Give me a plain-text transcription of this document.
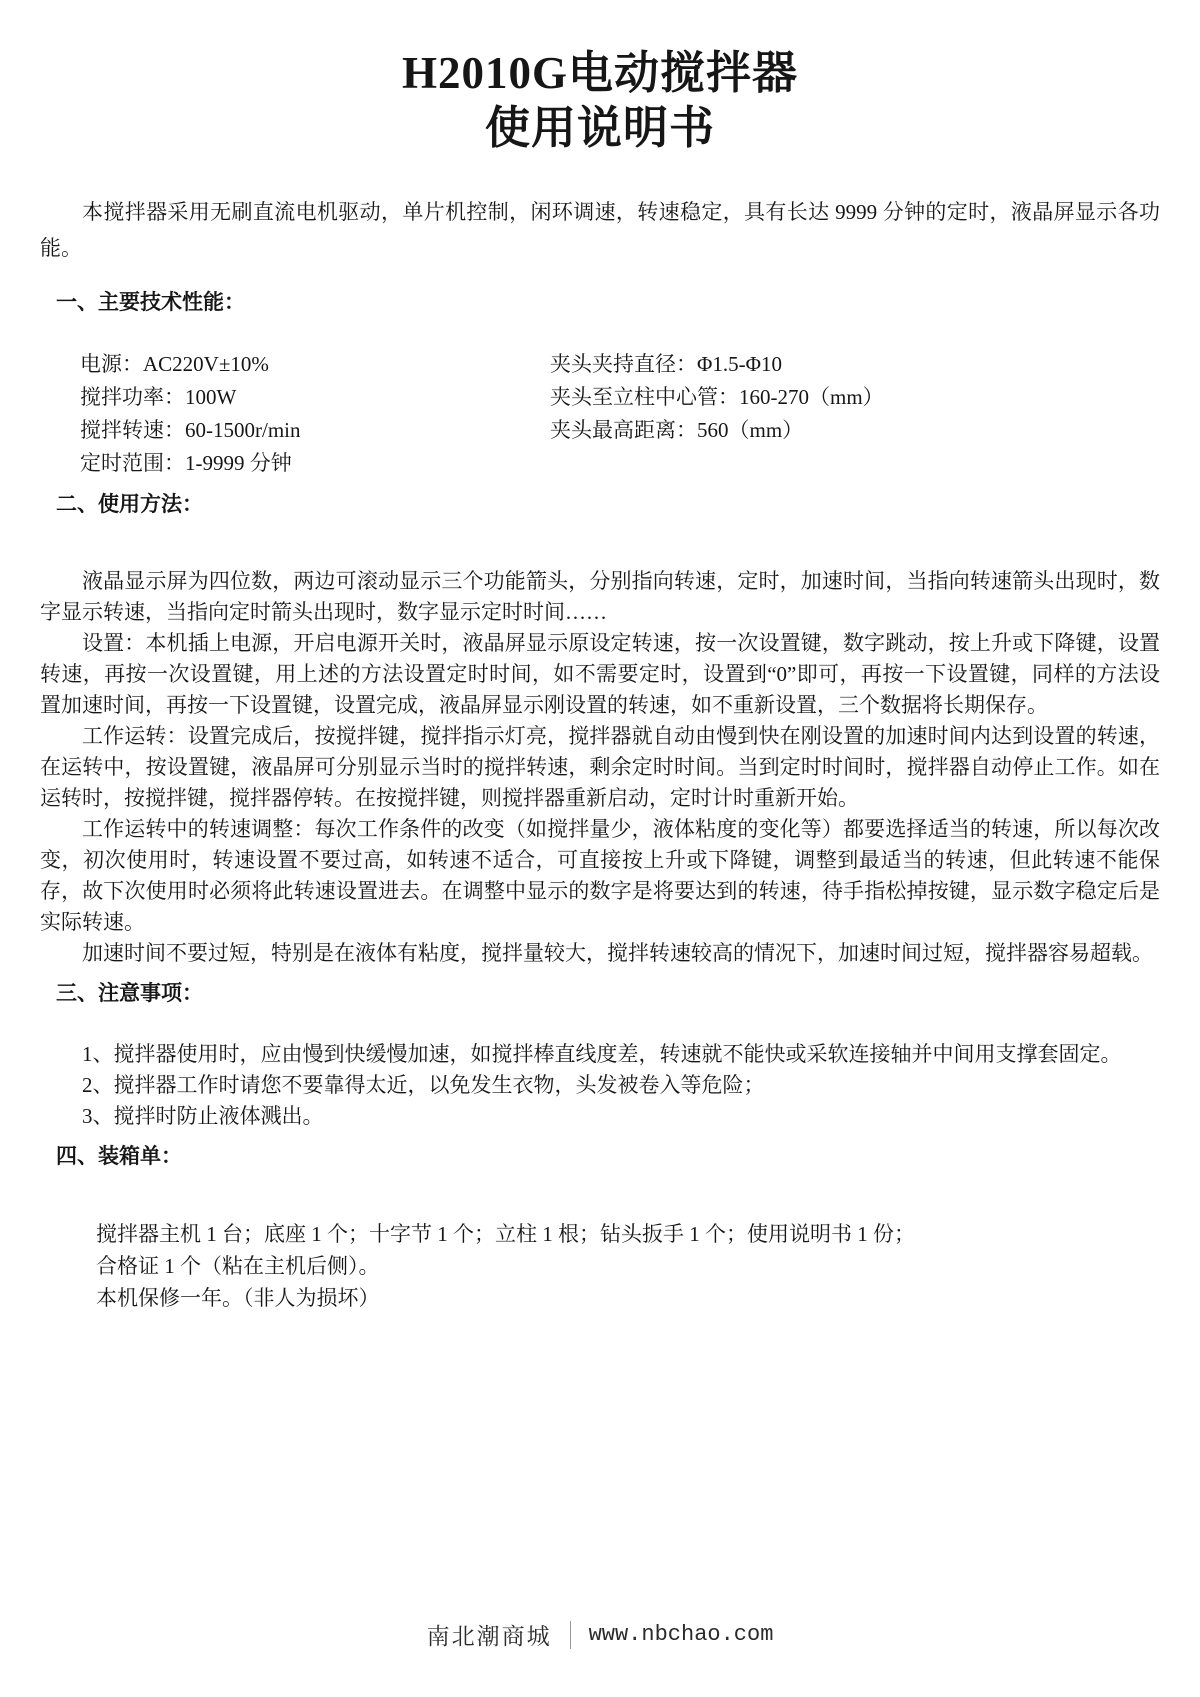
H2010G电动搅拌器
使用说明书

本搅拌器采用无刷直流电机驱动，单片机控制，闲环调速，转速稳定，具有长达 9999 分钟的定时，液晶屏显示各功能。

一、主要技术性能：
电源：AC220V±10%
搅拌功率：100W
搅拌转速：60-1500r/min
定时范围：1-9999 分钟
夹头夹持直径：Φ1.5-Φ10
夹头至立柱中心管：160-270（mm）
夹头最高距离：560（mm）
二、使用方法：

液晶显示屏为四位数，两边可滚动显示三个功能箭头，分别指向转速，定时，加速时间，当指向转速箭头出现时，数字显示转速，当指向定时箭头出现时，数字显示定时时间……

设置：本机插上电源，开启电源开关时，液晶屏显示原设定转速，按一次设置键，数字跳动，按上升或下降键，设置转速，再按一次设置键，用上述的方法设置定时时间，如不需要定时，设置到“0”即可，再按一下设置键，同样的方法设置加速时间，再按一下设置键，设置完成，液晶屏显示刚设置的转速，如不重新设置，三个数据将长期保存。

工作运转：设置完成后，按搅拌键，搅拌指示灯亮，搅拌器就自动由慢到快在刚设置的加速时间内达到设置的转速，在运转中，按设置键，液晶屏可分别显示当时的搅拌转速，剩余定时时间。当到定时时间时，搅拌器自动停止工作。如在运转时，按搅拌键，搅拌器停转。在按搅拌键，则搅拌器重新启动，定时计时重新开始。

工作运转中的转速调整：每次工作条件的改变（如搅拌量少，液体粘度的变化等）都要选择适当的转速，所以每次改变，初次使用时，转速设置不要过高，如转速不适合，可直接按上升或下降键，调整到最适当的转速，但此转速不能保存，故下次使用时必须将此转速设置进去。在调整中显示的数字是将要达到的转速，待手指松掉按键，显示数字稳定后是实际转速。

加速时间不要过短，特别是在液体有粘度，搅拌量较大，搅拌转速较高的情况下，加速时间过短，搅拌器容易超载。

三、注意事项：

1、搅拌器使用时，应由慢到快缓慢加速，如搅拌棒直线度差，转速就不能快或采软连接轴并中间用支撑套固定。

2、搅拌器工作时请您不要靠得太近，以免发生衣物，头发被卷入等危险；

3、搅拌时防止液体溅出。

四、装箱单：

搅拌器主机 1 台；底座 1 个；十字节 1 个；立柱 1 根；钻头扳手 1 个；使用说明书 1 份；

合格证 1 个（粘在主机后侧）。

本机保修一年。（非人为损坏）

南北潮商城 www.nbchao.com
